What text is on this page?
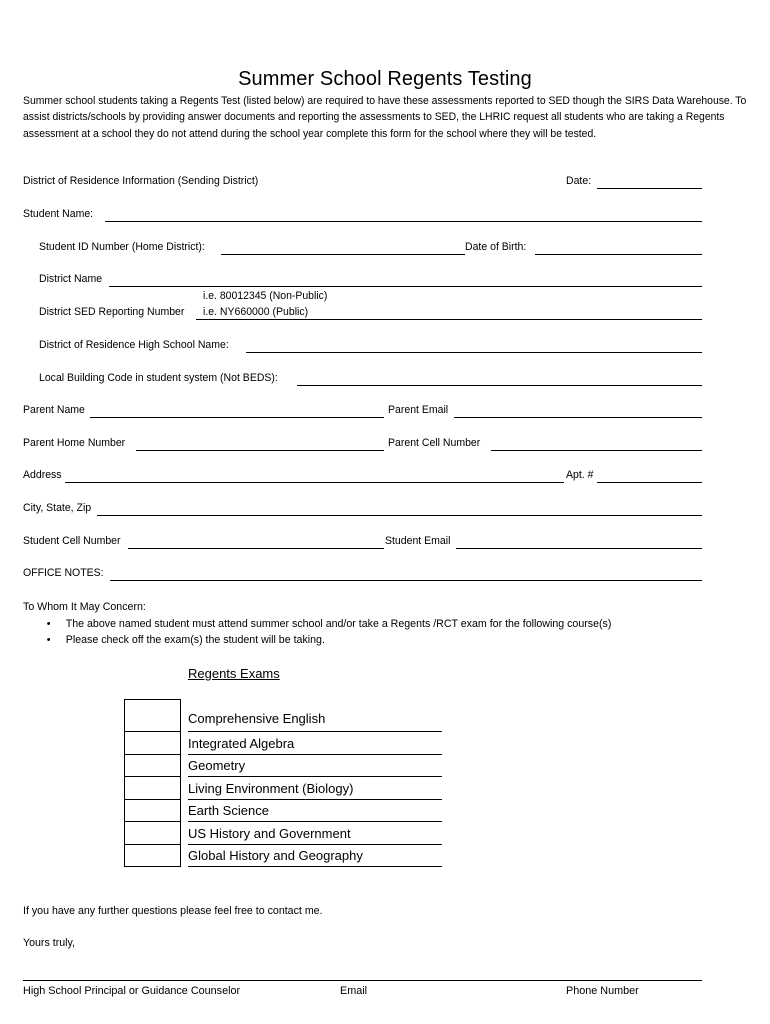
Summer School Regents Testing
Summer school students taking a Regents Test (listed below) are required to have these assessments reported to SED though the SIRS Data Warehouse. To assist districts/schools by providing answer documents and reporting the assessments to SED, the LHRIC request all students who are taking a Regents assessment at a school they do not attend during the school year complete this form for the school where they will be tested.
District of Residence Information (Sending District)	Date:
Student Name:
Student ID Number (Home District):	Date of Birth:
District Name
i.e. 80012345 (Non-Public)
District SED Reporting Number i.e. NY660000 (Public)
District of Residence High School Name:
Local Building Code in student system (Not BEDS):
Parent Name	Parent Email
Parent Home Number	Parent Cell Number
Address	Apt. #
City, State, Zip
Student Cell Number	Student Email
OFFICE NOTES:
To Whom It May Concern:
• The above named student must attend summer school and/or take a Regents /RCT exam for the following course(s)
• Please check off the exam(s) the student will be taking.
Regents Exams
Comprehensive English
Integrated Algebra
Geometry
Living Environment (Biology)
Earth Science
US History and Government
Global History and Geography
If you have any further questions please feel free to contact me.
Yours truly,
High School Principal or Guidance Counselor	Email	Phone Number
